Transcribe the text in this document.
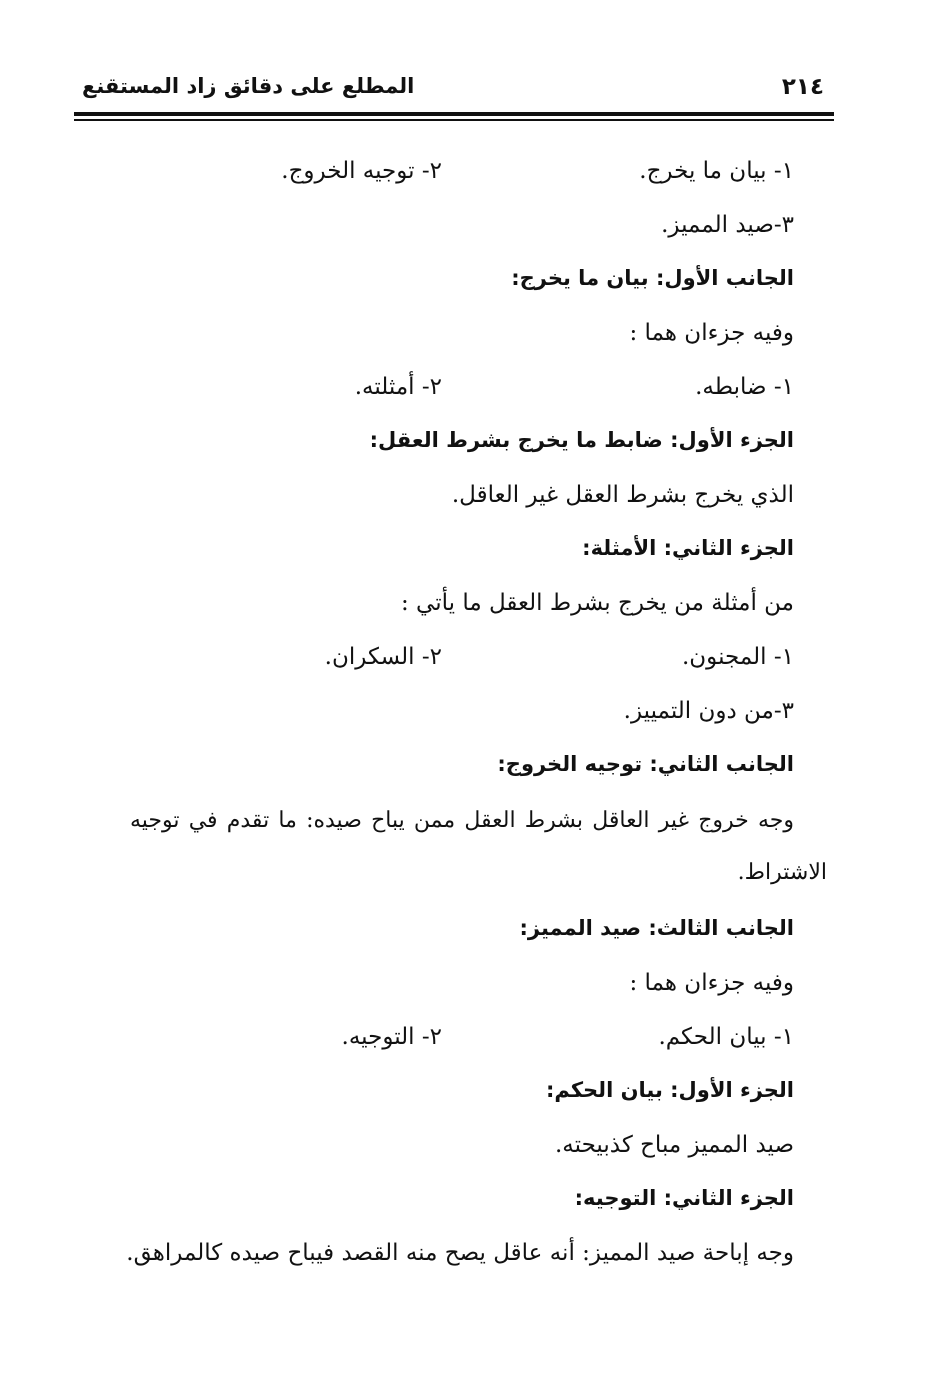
٢١٤
المطلع على دقائق زاد المستقنع
١- بيان ما يخرج.
٢- توجيه الخروج.
٣-صيد المميز.
الجانب الأول: بيان ما يخرج:
وفيه جزءان هما :
١- ضابطه.
٢- أمثلته.
الجزء الأول: ضابط ما يخرج بشرط العقل:
الذي يخرج بشرط العقل غير العاقل.
الجزء الثاني: الأمثلة:
من أمثلة من يخرج بشرط العقل ما يأتي :
١- المجنون.
٢- السكران.
٣-من دون التمييز.
الجانب الثاني: توجيه الخروج:
وجه خروج غير العاقل بشرط العقل ممن يباح صيده: ما تقدم في توجيه
الاشتراط.
الجانب الثالث: صيد المميز:
وفيه جزءان هما :
١- بيان الحكم.
٢- التوجيه.
الجزء الأول: بيان الحكم:
صيد المميز مباح كذبيحته.
الجزء الثاني: التوجيه:
وجه إباحة صيد المميز: أنه عاقل يصح منه القصد فيباح صيده كالمراهق.
